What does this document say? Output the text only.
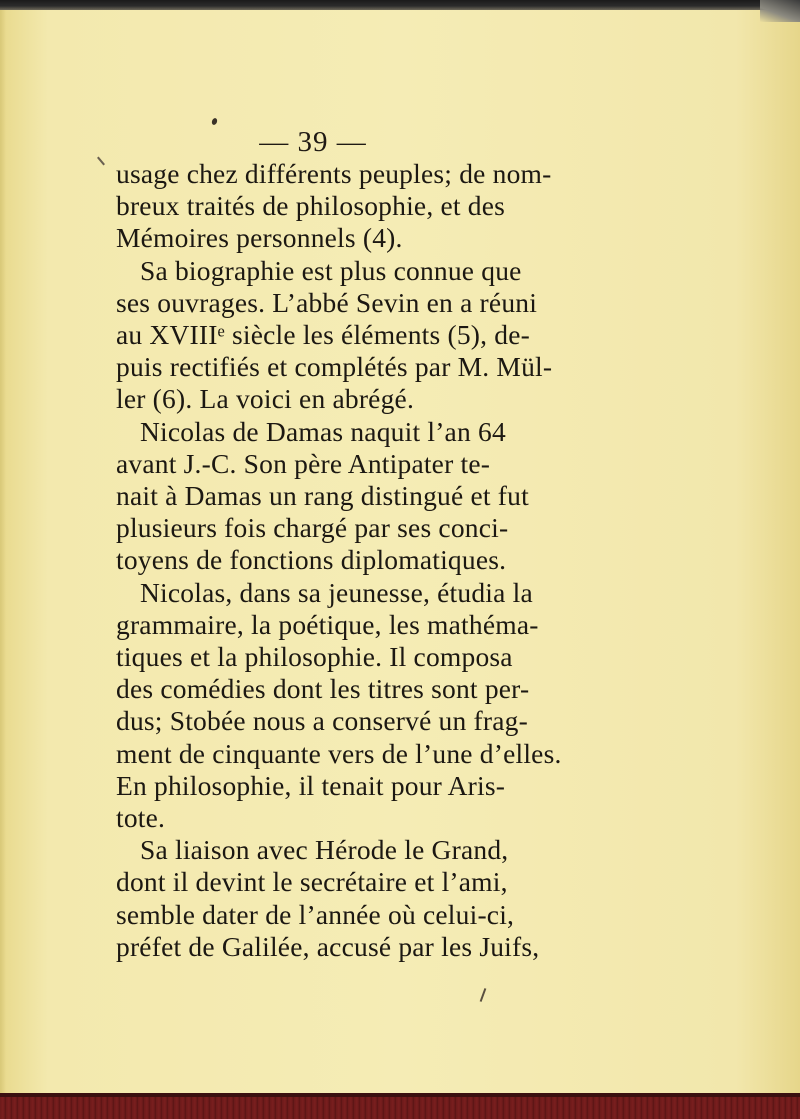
— 39 —
usage chez différents peuples; de nom-
breux traités de philosophie, et des
Mémoires personnels (4).
Sa biographie est plus connue que
ses ouvrages. L’abbé Sevin en a réuni
au XVIIIᵉ siècle les éléments (5), de-
puis rectifiés et complétés par M. Mül-
ler (6). La voici en abrégé.
Nicolas de Damas naquit l’an 64
avant J.-C. Son père Antipater te-
nait à Damas un rang distingué et fut
plusieurs fois chargé par ses conci-
toyens de fonctions diplomatiques.
Nicolas, dans sa jeunesse, étudia la
grammaire, la poétique, les mathéma-
tiques et la philosophie. Il composa
des comédies dont les titres sont per-
dus; Stobée nous a conservé un frag-
ment de cinquante vers de l’une d’elles.
En philosophie, il tenait pour Aris-
tote.
Sa liaison avec Hérode le Grand,
dont il devint le secrétaire et l’ami,
semble dater de l’année où celui-ci,
préfet de Galilée, accusé par les Juifs,
